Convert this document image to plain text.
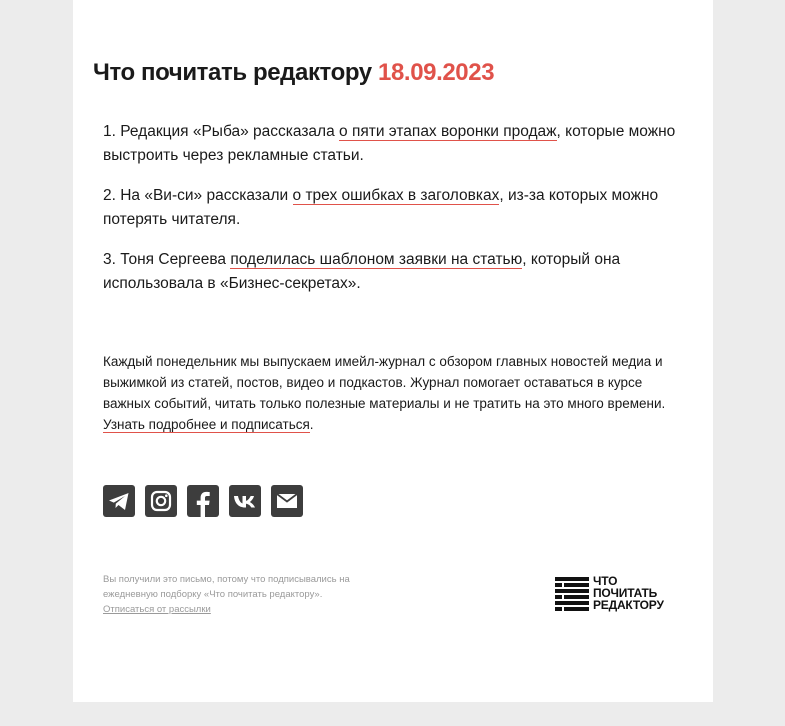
Что почитать редактору 18.09.2023

1. Редакция «Рыба» рассказала о пяти этапах воронки продаж, которые можно выстроить через рекламные статьи.

2. На «Ви-си» рассказали о трех ошибках в заголовках, из-за которых можно потерять читателя.

3. Тоня Сергеева поделилась шаблоном заявки на статью, который она использовала в «Бизнес-секретах».

Каждый понедельник мы выпускаем имейл-журнал с обзором главных новостей медиа и выжимкой из статей, постов, видео и подкастов. Журнал помогает оставаться в курсе важных событий, читать только полезные материалы и не тратить на это много времени. Узнать подробнее и подписаться.

Вы получили это письмо, потому что подписывались на ежедневную подборку «Что почитать редактору».
Отписаться от рассылки

ЧТО
ПОЧИТАТЬ
РЕДАКТОРУ
